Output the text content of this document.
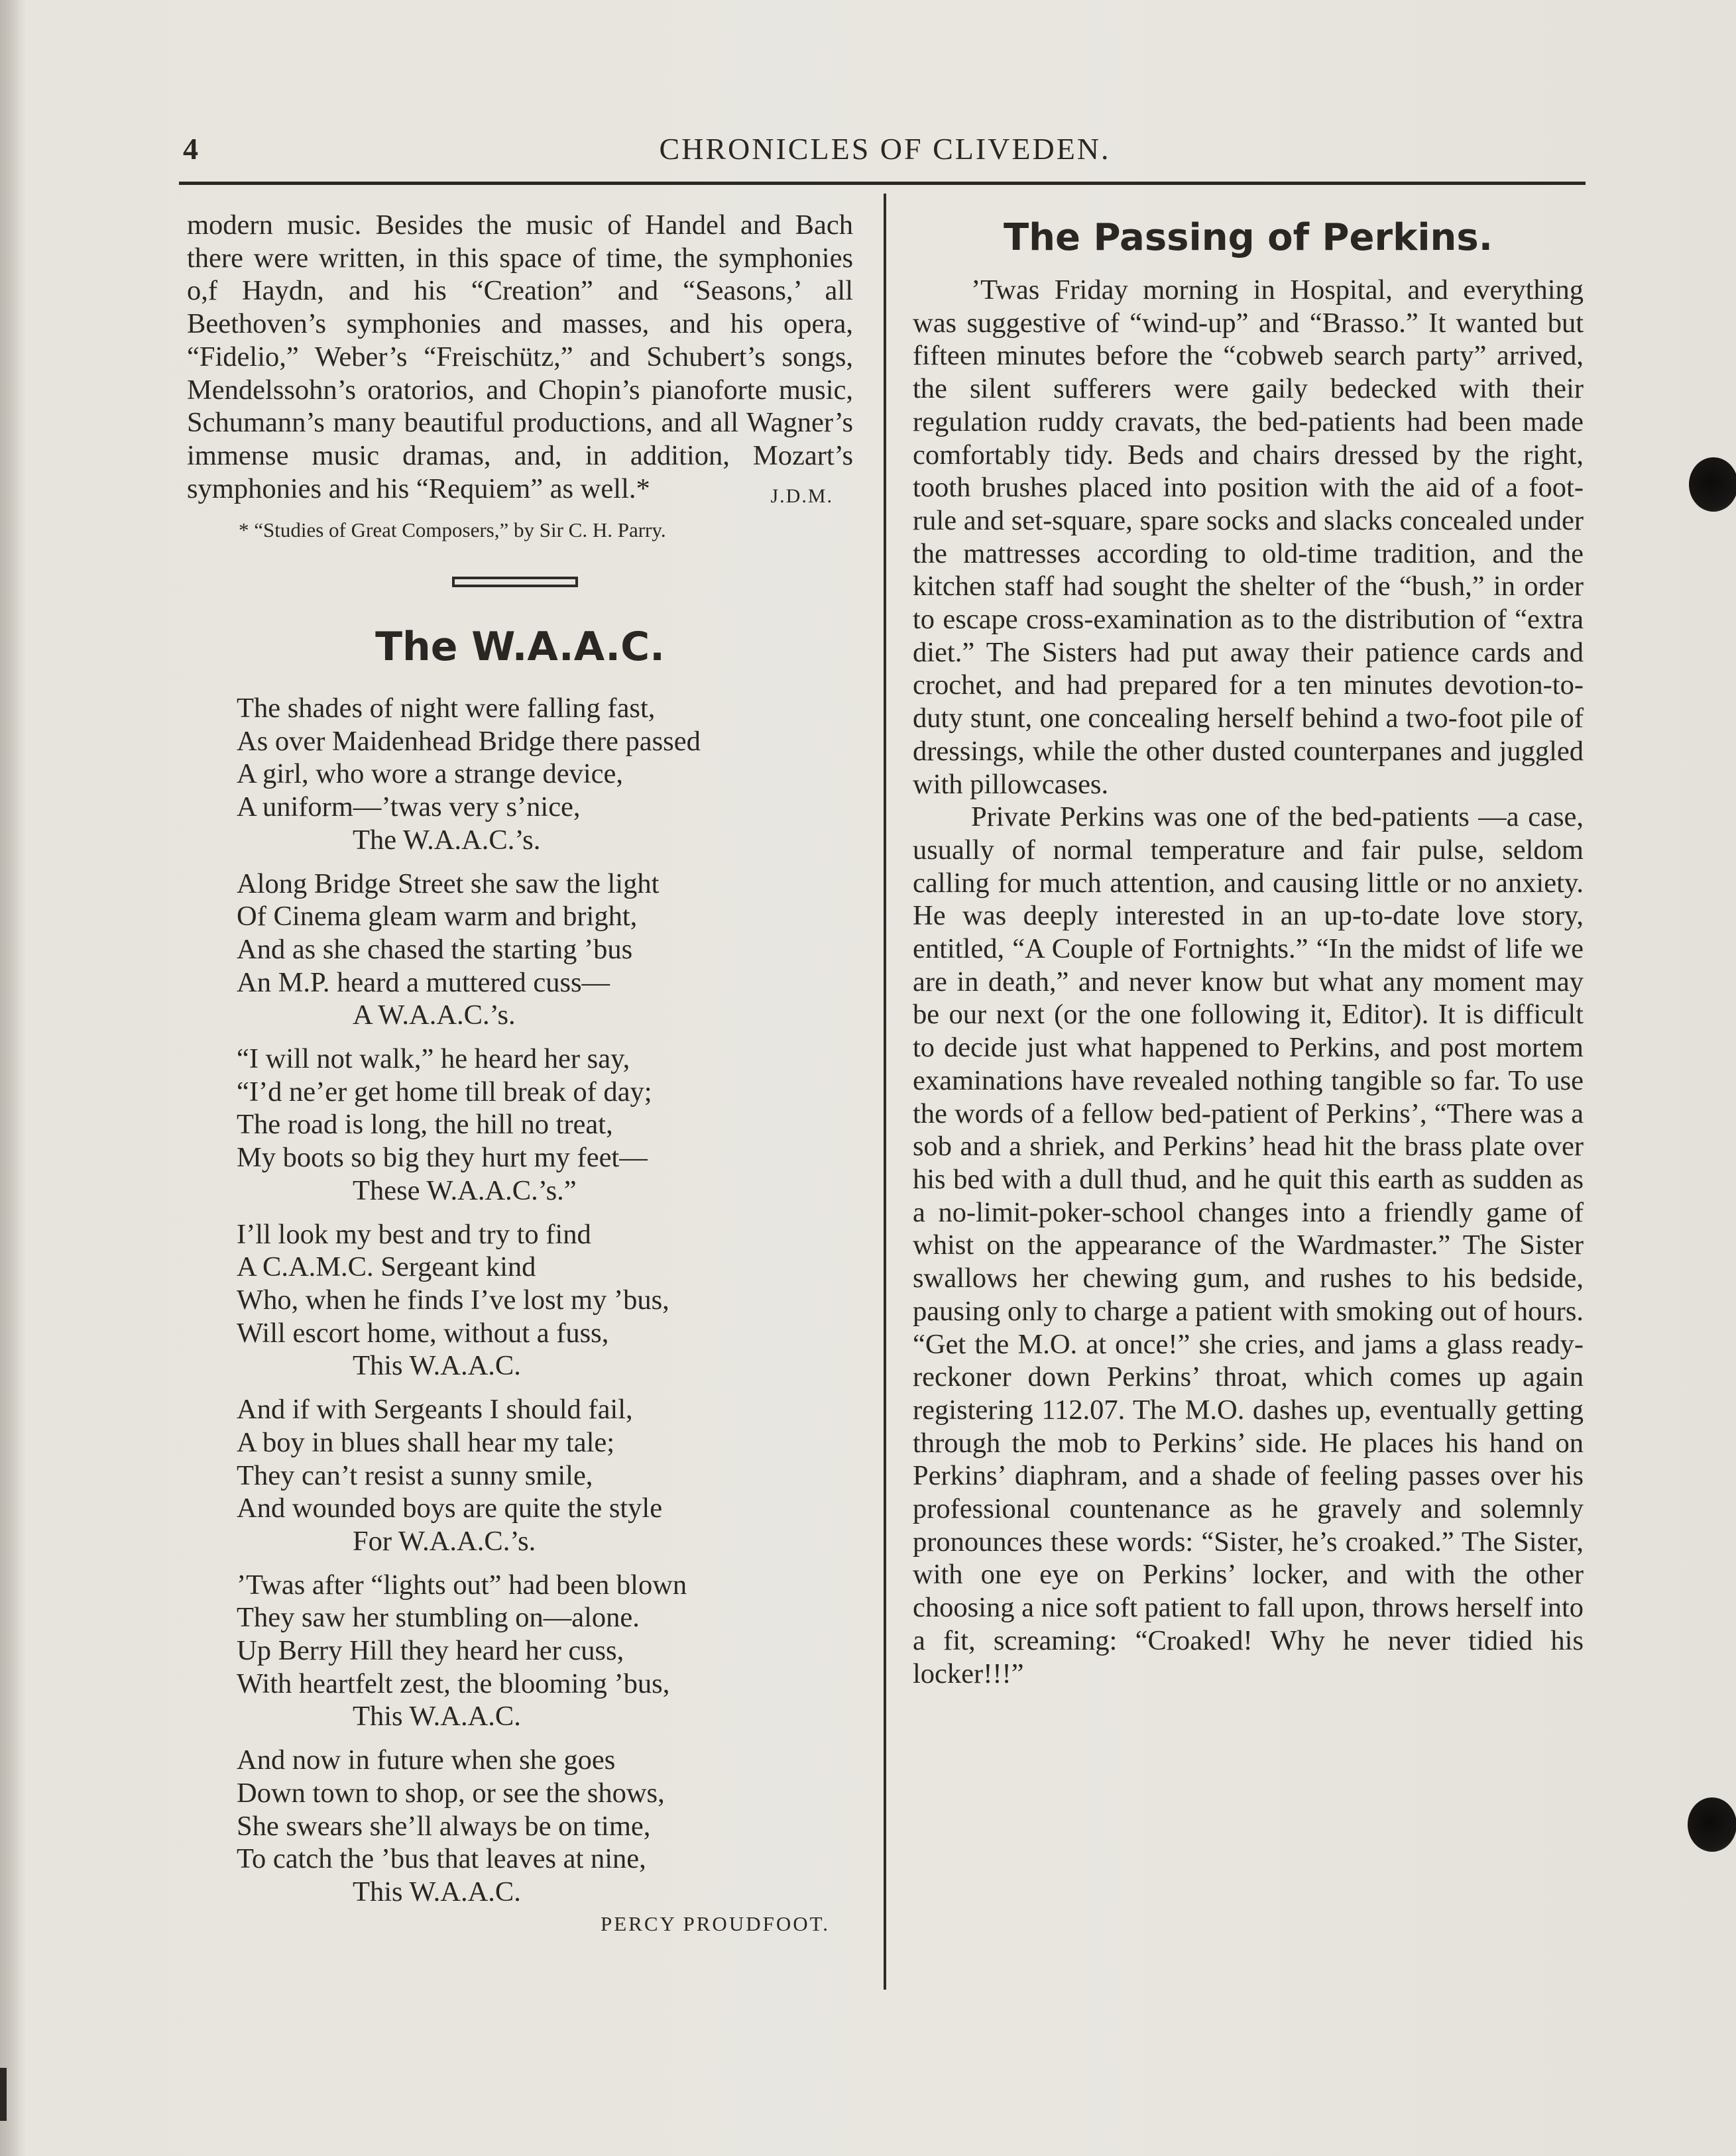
4	CHRONICLES OF CLIVEDEN.

modern music. Besides the music of Handel and Bach there were written, in this space of time, the symphonies o,f Haydn, and his “Creation” and “Seasons,’ all Beethoven’s symphonies and masses, and his opera, “Fidelio,” Weber’s “Freischütz,” and Schubert’s songs, Mendelssohn’s oratorios, and Chopin’s pianoforte music, Schumann’s many beautiful productions, and all Wagner’s immense music dramas, and, in addition, Mozart’s symphonies and his “Requiem” as well.*	J.D.M.
* “Studies of Great Composers,” by Sir C. H. Parry.
The W.A.A.C.
The shades of night were falling fast,
As over Maidenhead Bridge there passed
A girl, who wore a strange device,
A uniform—’twas very s’nice,
The W.A.A.C.’s.
Along Bridge Street she saw the light
Of Cinema gleam warm and bright,
And as she chased the starting ’bus
An M.P. heard a muttered cuss—
A W.A.A.C.’s.
“I will not walk,” he heard her say,
“I’d ne’er get home till break of day;
The road is long, the hill no treat,
My boots so big they hurt my feet—
These W.A.A.C.’s.”
I’ll look my best and try to find
A C.A.M.C. Sergeant kind
Who, when he finds I’ve lost my ’bus,
Will escort home, without a fuss,
This W.A.A.C.
And if with Sergeants I should fail,
A boy in blues shall hear my tale;
They can’t resist a sunny smile,
And wounded boys are quite the style
For W.A.A.C.’s.
’Twas after “lights out” had been blown
They saw her stumbling on—alone.
Up Berry Hill they heard her cuss,
With heartfelt zest, the blooming ’bus,
This W.A.A.C.
And now in future when she goes
Down town to shop, or see the shows,
She swears she’ll always be on time,
To catch the ’bus that leaves at nine,
This W.A.A.C.
PERCY PROUDFOOT.
The Passing of Perkins.

’Twas Friday morning in Hospital, and everything was suggestive of “wind-up” and “Brasso.” It wanted but fifteen minutes before the “cobweb search party” arrived, the silent sufferers were gaily bedecked with their regulation ruddy cravats, the bed-patients had been made comfortably tidy. Beds and chairs dressed by the right, tooth brushes placed into position with the aid of a foot-rule and set-square, spare socks and slacks concealed under the mattresses according to old-time tradition, and the kitchen staff had sought the shelter of the “bush,” in order to escape cross-examination as to the distribution of “extra diet.” The Sisters had put away their patience cards and crochet, and had prepared for a ten minutes devotion-to-duty stunt, one concealing herself behind a two-foot pile of dressings, while the other dusted counterpanes and juggled with pillowcases.

Private Perkins was one of the bed-patients —a case, usually of normal temperature and fair pulse, seldom calling for much attention, and causing little or no anxiety. He was deeply interested in an up-to-date love story, entitled, “A Couple of Fortnights.” “In the midst of life we are in death,” and never know but what any moment may be our next (or the one following it, Editor). It is difficult to decide just what happened to Perkins, and post mortem examinations have revealed nothing tangible so far. To use the words of a fellow bed-patient of Perkins’, “There was a sob and a shriek, and Perkins’ head hit the brass plate over his bed with a dull thud, and he quit this earth as sudden as a no-limit-poker-school changes into a friendly game of whist on the appearance of the Wardmaster.” The Sister swallows her chewing gum, and rushes to his bedside, pausing only to charge a patient with smoking out of hours. “Get the M.O. at once!” she cries, and jams a glass ready-reckoner down Perkins’ throat, which comes up again registering 112.07. The M.O. dashes up, eventually getting through the mob to Perkins’ side. He places his hand on Perkins’ diaphram, and a shade of feeling passes over his professional countenance as he gravely and solemnly pronounces these words: “Sister, he’s croaked.” The Sister, with one eye on Perkins’ locker, and with the other choosing a nice soft patient to fall upon, throws herself into a fit, screaming: “Croaked! Why he never tidied his locker!!!”
